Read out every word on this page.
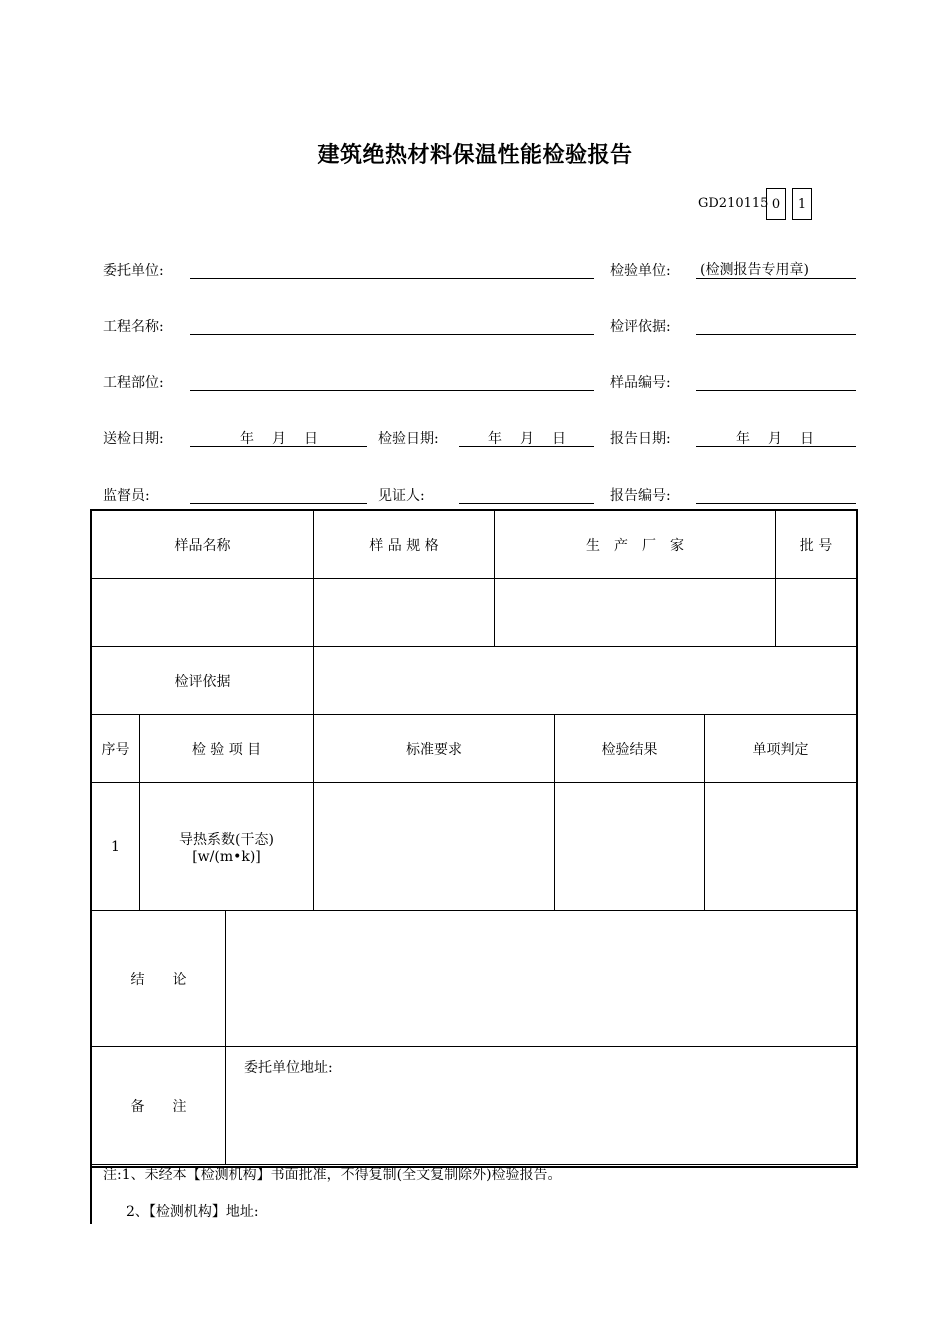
建筑绝热材料保温性能检验报告
GD210115 0	1
委托单位:	检验单位: (检测报告专用章)
工程名称:	检评依据:
工程部位:	样品编号:
送检日期:	年 月 日	检验日期:	年 月 日	报告日期:	年 月 日
监督员:	见证人:	报告编号:
样品名称			样 品 规 格	生　产　厂　家			批 号

检评依据							
序号	检 验 项 目		标准要求		检验结果	单项判定	
1	导热系数(干态)
[w/(m•k)]						

结　　论							
备　　注		委托单位地址:					
注:1、未经本【检测机构】书面批准，不得复制(全文复制除外)检验报告。
2、【检测机构】地址:
